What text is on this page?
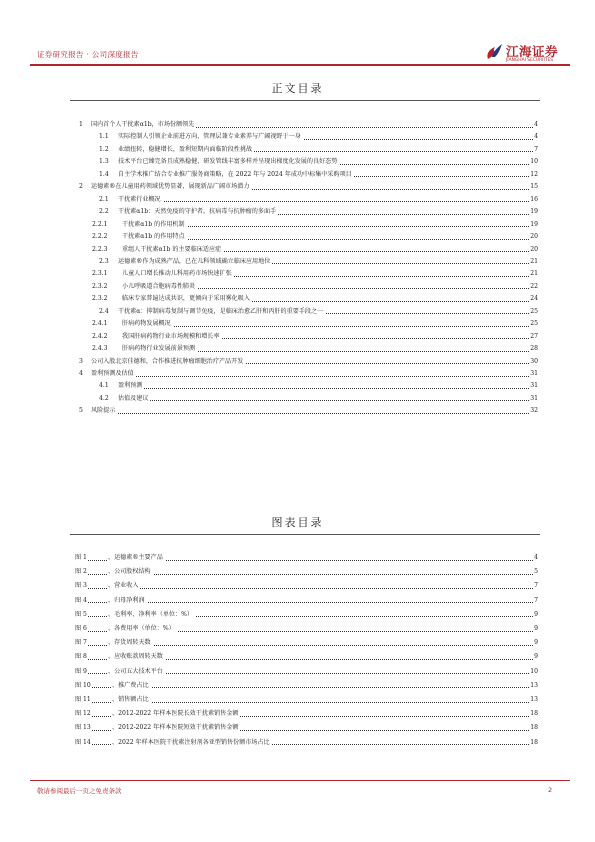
证券研究报告 · 公司深度报告	江海证券
JIANGHAI SECURITIES
正文目录
1 国内首个人干扰素α1b，市场份额领先	4
1.1 实际控制人引领企业前进方向，管理层兼专业素养与广阔视野于一身	4
1.2 业绩扭转，稳健增长，盈利短期内面临阶段性挑战	7
1.3 技术平台已臻完备且成熟稳健，研发管线丰富多样并呈现出梯度化发展的良好态势	10
1.4 自主学术推广结合专业推广服务商策略，在 2022 年与 2024 年成功中标集中采购项目	12
2 运德素®在儿童用药领域优势显著，展现新品广阔市场潜力	15
2.1 干扰素行业概况	16
2.2 干扰素α1b：天然免疫的守护者，抗病毒与抗肿瘤的多面手	19
2.2.1 干扰素α1b 的作用机制	19
2.2.2 干扰素α1b 的作用特点	20
2.2.3 重组人干扰素α1b 的主要临床适应症	20
2.3 运德素®作为成熟产品，已在儿科领域确立临床应用地位	21
2.3.1 儿童人口增长推动儿科用药市场快速扩张	21
2.3.2 小儿呼吸道合胞病毒性肺炎	22
2.3.2 临床专家普遍达成共识，更倾向于采用雾化吸入	24
2.4 干扰素α：抑制病毒复制与调节免疫，是临床治愈乙肝和丙肝的重要手段之一	25
2.4.1 肝病药物发展概况	25
2.4.2 我国肝病药物行业市场规模和增长率	27
2.4.3 肝病药物行业发展前景预测	28
3 公司入股北京佳德和，合作推进抗肿瘤细胞治疗产品开发	30
4 盈利预测及估值	31
4.1 盈利预测	31
4.2 估值及建议	31
5 风险提示	32
图表目录
图 1	、运德素®主要产品	4
图 2	、公司股权结构	5
图 3	、营业收入	7
图 4	、归母净利润	7
图 5	、毛利率、净利率（单位：%）	9
图 6	、各费用率（单位：%）	9
图 7	、存货周转天数	9
图 8	、应收账款周转天数	9
图 9	、公司五大技术平台	10
图 10	、推广费占比	13
图 11	、销售额占比	13
图 12	、2012-2022 年样本医院长效干扰素销售金额	18
图 13	、2012-2022 年样本医院短效干扰素销售金额	18
图 14	、2022 年样本医院干扰素注射剂各亚型销售份额市场占比	18
敬请参阅最后一页之免责条款	2
